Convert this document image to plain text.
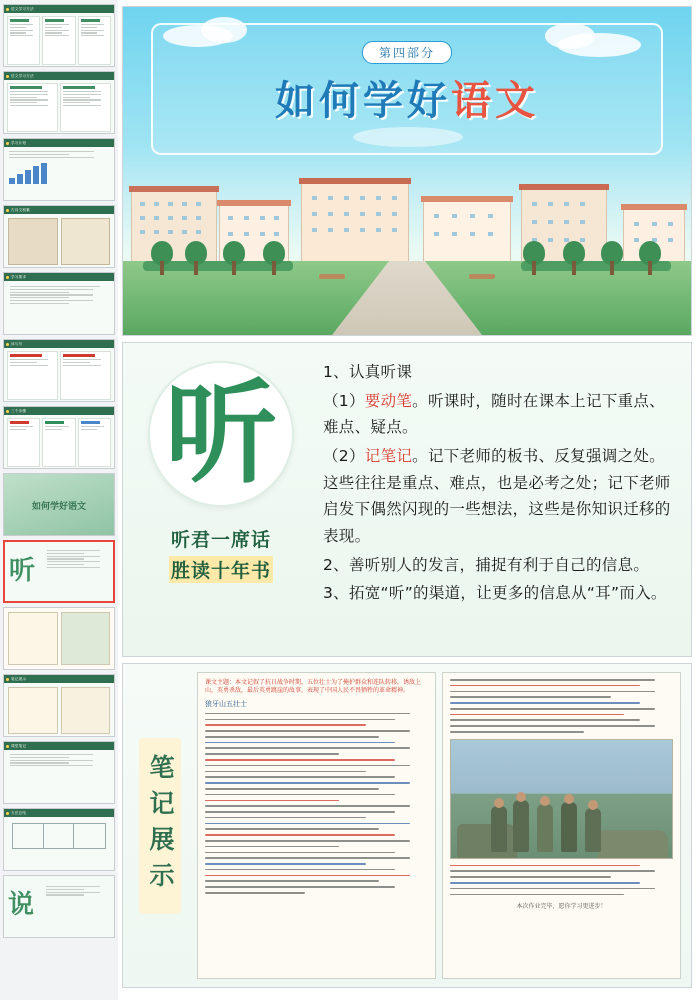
语文学习方法
语文学习方法
学习计划
古诗文积累
学习要求
读与写
三个步骤
如何学好语文
听
笔记展示
课堂笔记
方法总结
说
第四部分
如何学好语文
听
听君一席话
胜读十年书

1、认真听课

（1）要动笔。听课时，随时在课本上记下重点、难点、疑点。

（2）记笔记。记下老师的板书、反复强调之处。这些往往是重点、难点，也是必考之处；记下老师启发下偶然闪现的一些想法，这些是你知识迁移的表现。

2、善听别人的发言，捕捉有利于自己的信息。

3、拓宽“听”的渠道，让更多的信息从“耳”而入。

笔记展示
课文主题：本文记叙了抗日战争时期，五位壮士为了掩护群众和连队转移，诱敌上山，英勇杀敌，最后英勇跳崖的故事，表现了中国人民不畏牺牲的革命精神。
狼牙山五壮士
本次作业完毕，愿你学习更进步！
